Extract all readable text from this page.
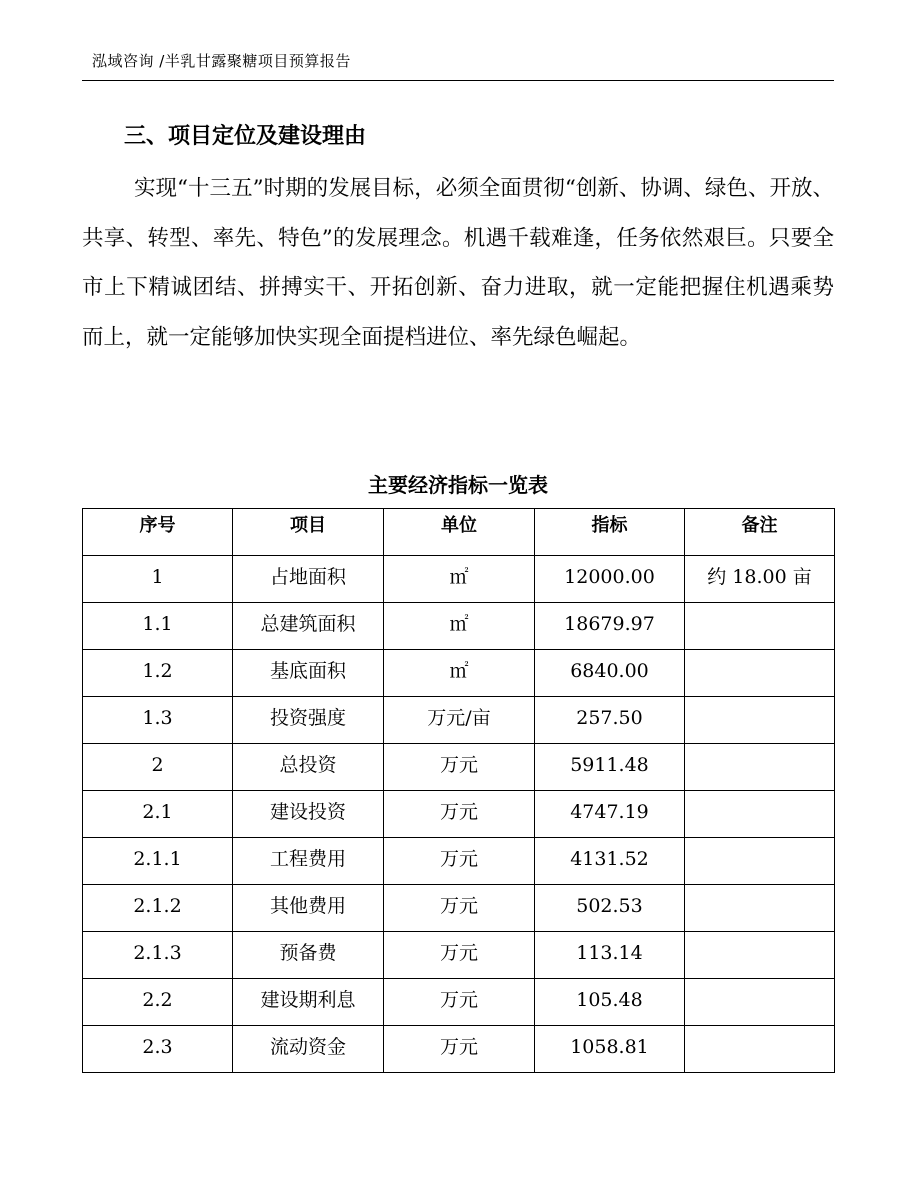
泓域咨询 /半乳甘露聚糖项目预算报告
三、项目定位及建设理由

实现“十三五”时期的发展目标，必须全面贯彻“创新、协调、绿色、开放、共享、转型、率先、特色”的发展理念。机遇千载难逢，任务依然艰巨。只要全市上下精诚团结、拼搏实干、开拓创新、奋力进取，就一定能把握住机遇乘势而上，就一定能够加快实现全面提档进位、率先绿色崛起。

主要经济指标一览表
序号	项目	单位	指标	备注
1	占地面积	㎡	12000.00	约 18.00 亩
1.1	总建筑面积	㎡	18679.97	
1.2	基底面积	㎡	6840.00	
1.3	投资强度	万元/亩	257.50	
2	总投资	万元	5911.48	
2.1	建设投资	万元	4747.19	
2.1.1	工程费用	万元	4131.52	
2.1.2	其他费用	万元	502.53	
2.1.3	预备费	万元	113.14	
2.2	建设期利息	万元	105.48	
2.3	流动资金	万元	1058.81	
